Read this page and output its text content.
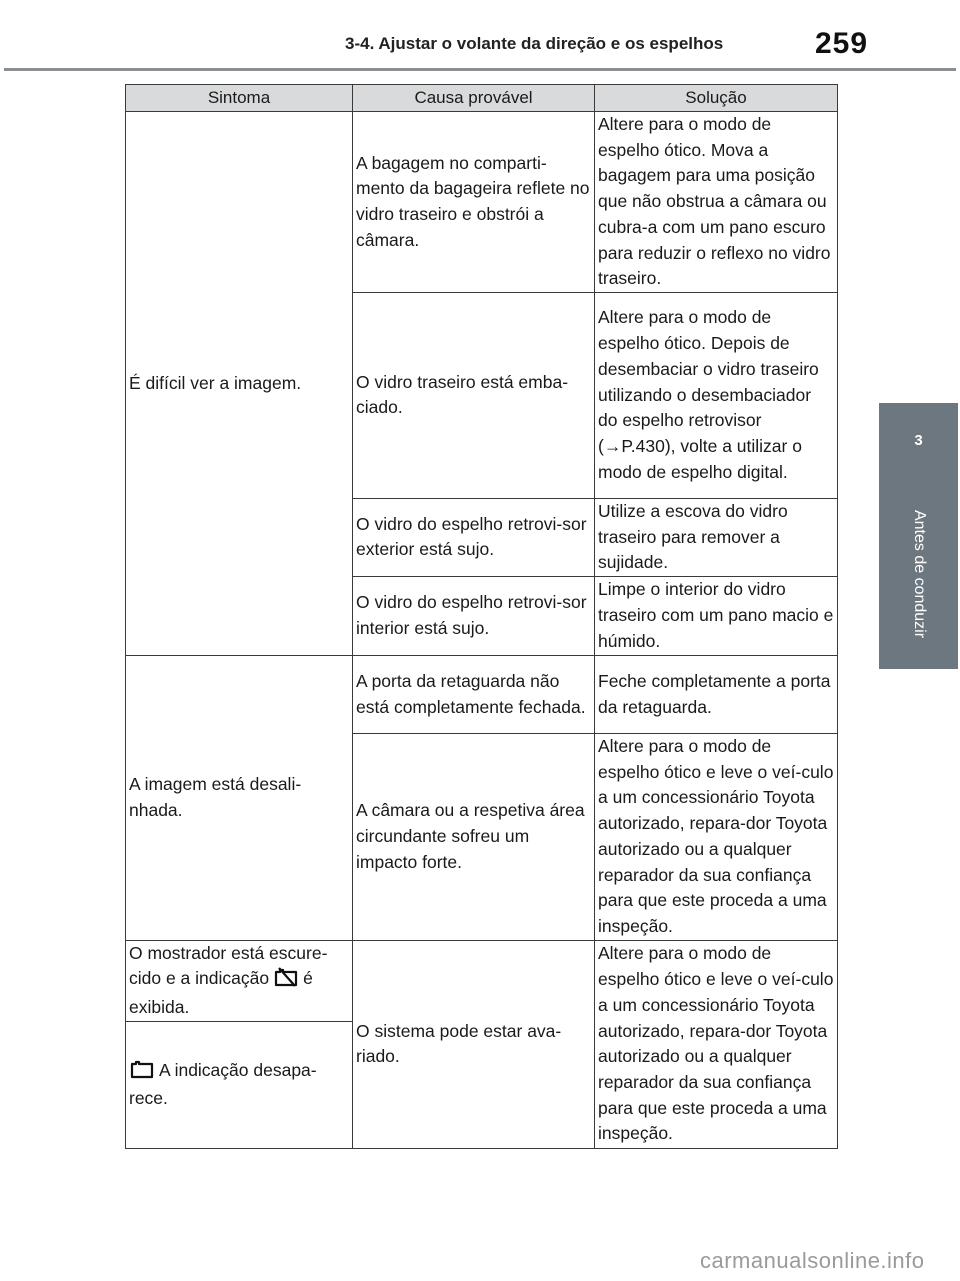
3-4. Ajustar o volante da direção e os espelhos	259
3
Antes de conduzir
Sintoma	Causa provável	Solução
É difícil ver a imagem.	A bagagem no comparti-mento da bagageira reflete no vidro traseiro e obstrói a câmara.	Altere para o modo de espelho ótico. Mova a bagagem para uma posição que não obstrua a câmara ou cubra-a com um pano escuro para reduzir o reflexo no vidro traseiro.
	O vidro traseiro está emba-ciado.	Altere para o modo de espelho ótico. Depois de desembaciar o vidro traseiro utilizando o desembaciador do espelho retrovisor (→P.430), volte a utilizar o modo de espelho digital.
	O vidro do espelho retrovi-sor exterior está sujo.	Utilize a escova do vidro traseiro para remover a sujidade.
	O vidro do espelho retrovi-sor interior está sujo.	Limpe o interior do vidro traseiro com um pano macio e húmido.
A imagem está desali-nhada.	A porta da retaguarda não está completamente fechada.	Feche completamente a porta da retaguarda.
	A câmara ou a respetiva área circundante sofreu um impacto forte.	Altere para o modo de espelho ótico e leve o veí-culo a um concessionário Toyota autorizado, repara-dor Toyota autorizado ou a qualquer reparador da sua confiança para que este proceda a uma inspeção.
O mostrador está escure-cido e a indicação é exibida.	O sistema pode estar ava-riado.	Altere para o modo de espelho ótico e leve o veí-culo a um concessionário Toyota autorizado, repara-dor Toyota autorizado ou a qualquer reparador da sua confiança para que este proceda a uma inspeção.
A indicação desapa-rece.		
carmanualsonline.info
